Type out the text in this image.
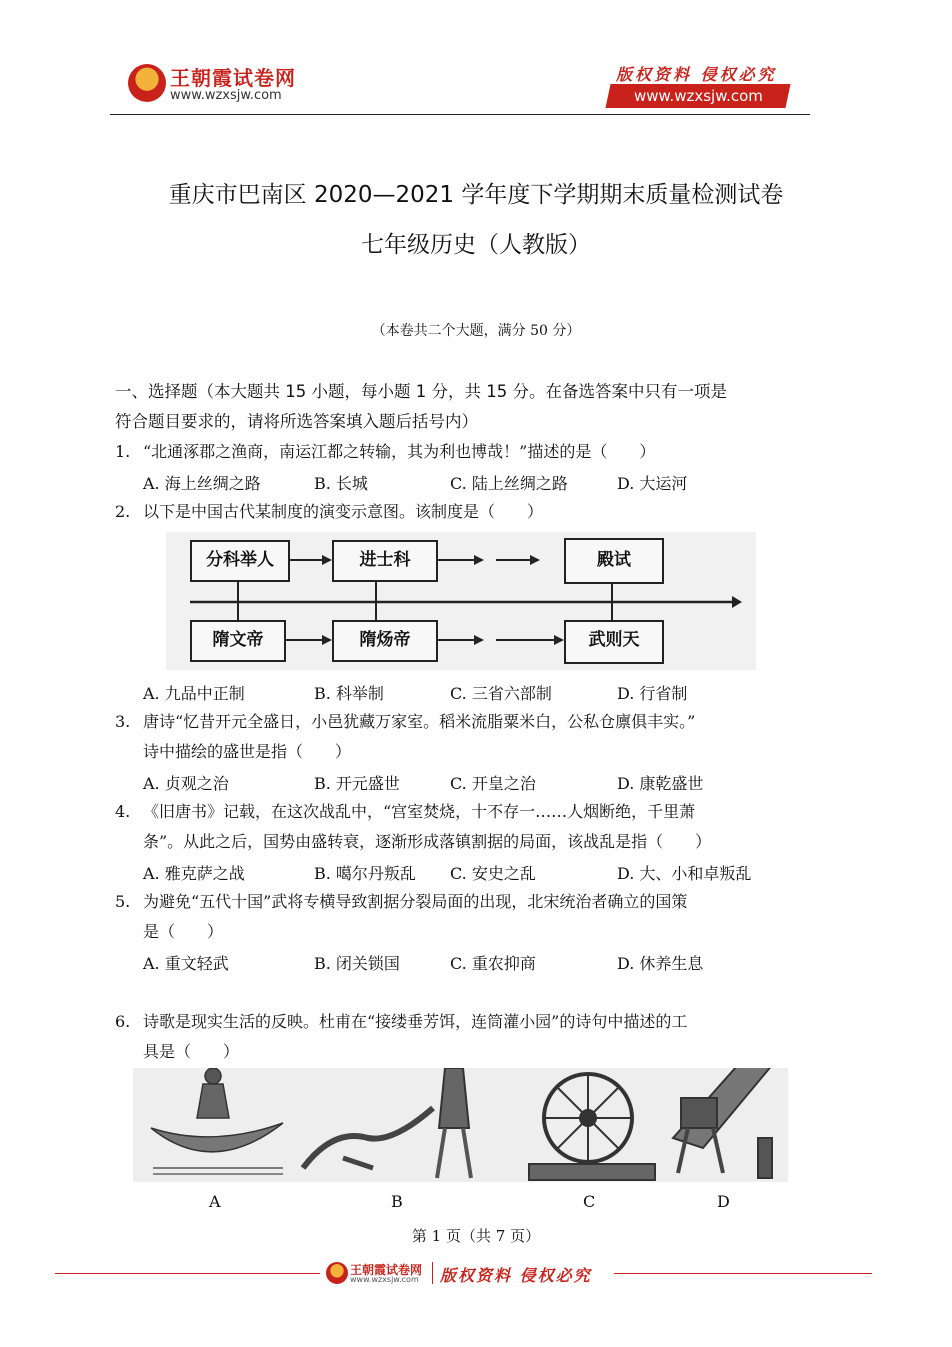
王朝霞试卷网
www.wzxsjw.com
版权资料 侵权必究
www.wzxsjw.com
重庆市巴南区 2020—2021 学年度下学期期末质量检测试卷
七年级历史（人教版）
（本卷共二个大题，满分 50 分）
一、选择题（本大题共 15 小题，每小题 1 分，共 15 分。在备选答案中只有一项是
符合题目要求的，请将所选答案填入题后括号内）
1. “北通涿郡之渔商，南运江都之转输，其为利也博哉！”描述的是（　　）
A. 海上丝绸之路	B. 长城	C. 陆上丝绸之路	D. 大运河
2. 以下是中国古代某制度的演变示意图。该制度是（　　）
分科举人	进士科	殿试
隋文帝	隋炀帝	武则天
A. 九品中正制	B. 科举制	C. 三省六部制	D. 行省制
3. 唐诗“忆昔开元全盛日，小邑犹藏万家室。稻米流脂粟米白，公私仓廪俱丰实。”
诗中描绘的盛世是指（　　）
A. 贞观之治	B. 开元盛世	C. 开皇之治	D. 康乾盛世
4. 《旧唐书》记载，在这次战乱中，“宫室焚烧，十不存一……人烟断绝，千里萧
条”。从此之后，国势由盛转衰，逐渐形成落镇割据的局面，该战乱是指（　　）
A. 雅克萨之战	B. 噶尔丹叛乱 C. 安史之乱	D. 大、小和卓叛乱
5. 为避免“五代十国”武将专横导致割据分裂局面的出现，北宋统治者确立的国策
是（　　）
A. 重文轻武	B. 闭关锁国	C. 重农抑商	D. 休养生息
6. 诗歌是现实生活的反映。杜甫在“接缕垂芳饵，连筒灌小园”的诗句中描述的工
具是（　　）
A	B	C	D
第 1 页（共 7 页）
王朝霞试卷网
www.wzxsjw.com 版权资料 侵权必究
